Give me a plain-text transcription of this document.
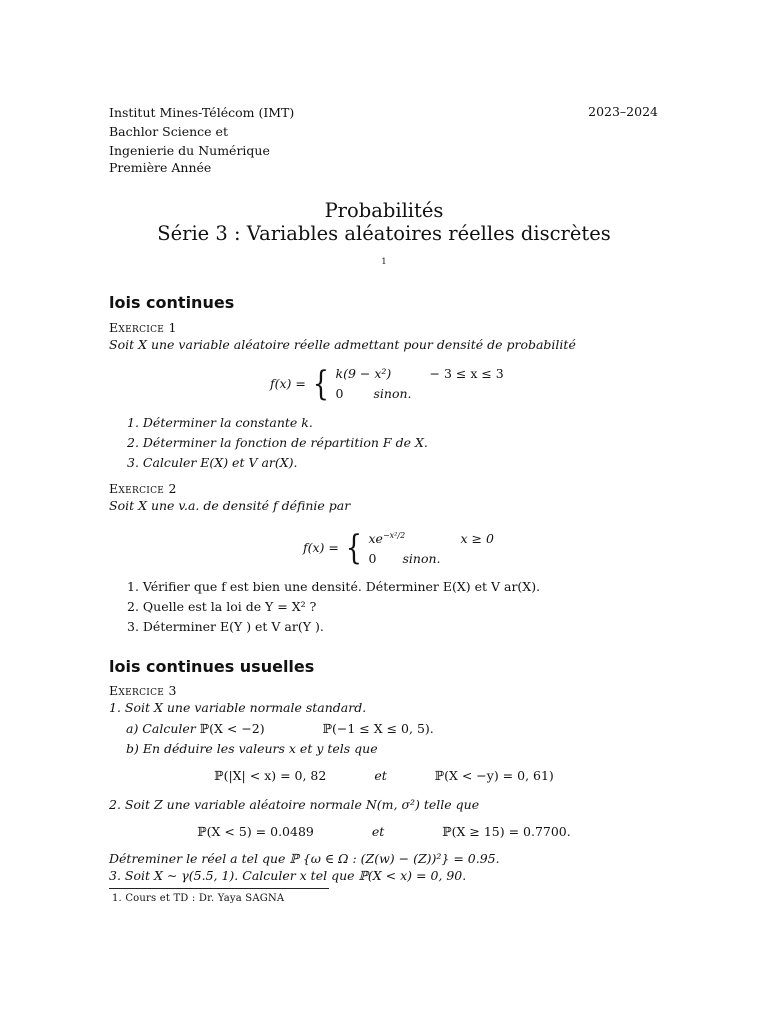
Institut Mines-Télécom (IMT)
Bachlor Science et
Ingenierie du Numérique
Première Année
2023–2024
Probabilités
Série 3 : Variables aléatoires réelles discrètes
1
lois continues
Exercice 1
Soit X une variable aléatoire réelle admettant pour densité de probabilité
f(x) = { k(9 − x²)	− 3 ≤ x ≤ 3
0 sinon.
1. Déterminer la constante k.
2. Déterminer la fonction de répartition F de X.
3. Calculer E(X) et V ar(X).
Exercice 2
Soit X une v.a. de densité f définie par
f(x) = { $xe^{-x^2/2}$	x ≥ 0
0 sinon.
1. Vérifier que f est bien une densité. Déterminer E(X) et V ar(X).
2. Quelle est la loi de Y = X² ?
3. Déterminer E(Y ) et V ar(Y ).
lois continues usuelles
Exercice 3
1. Soit X une variable normale standard.
a) Calculer ℙ(X < −2)	ℙ(−1 ≤ X ≤ 0, 5).
b) En déduire les valeurs x et y tels que
ℙ(|X| < x) = 0, 82	et	ℙ(X < −y) = 0, 61)
2. Soit Z une variable aléatoire normale N(m, σ²) telle que
ℙ(X < 5) = 0.0489	et	ℙ(X ≥ 15) = 0.7700.
Détreminer le réel a tel que ℙ {ω ∈ Ω : (Z(w) − (Z))²} = 0.95.
3. Soit X ∼ γ(5.5, 1). Calculer x tel que ℙ(X < x) = 0, 90.
1. Cours et TD : Dr. Yaya SAGNA
